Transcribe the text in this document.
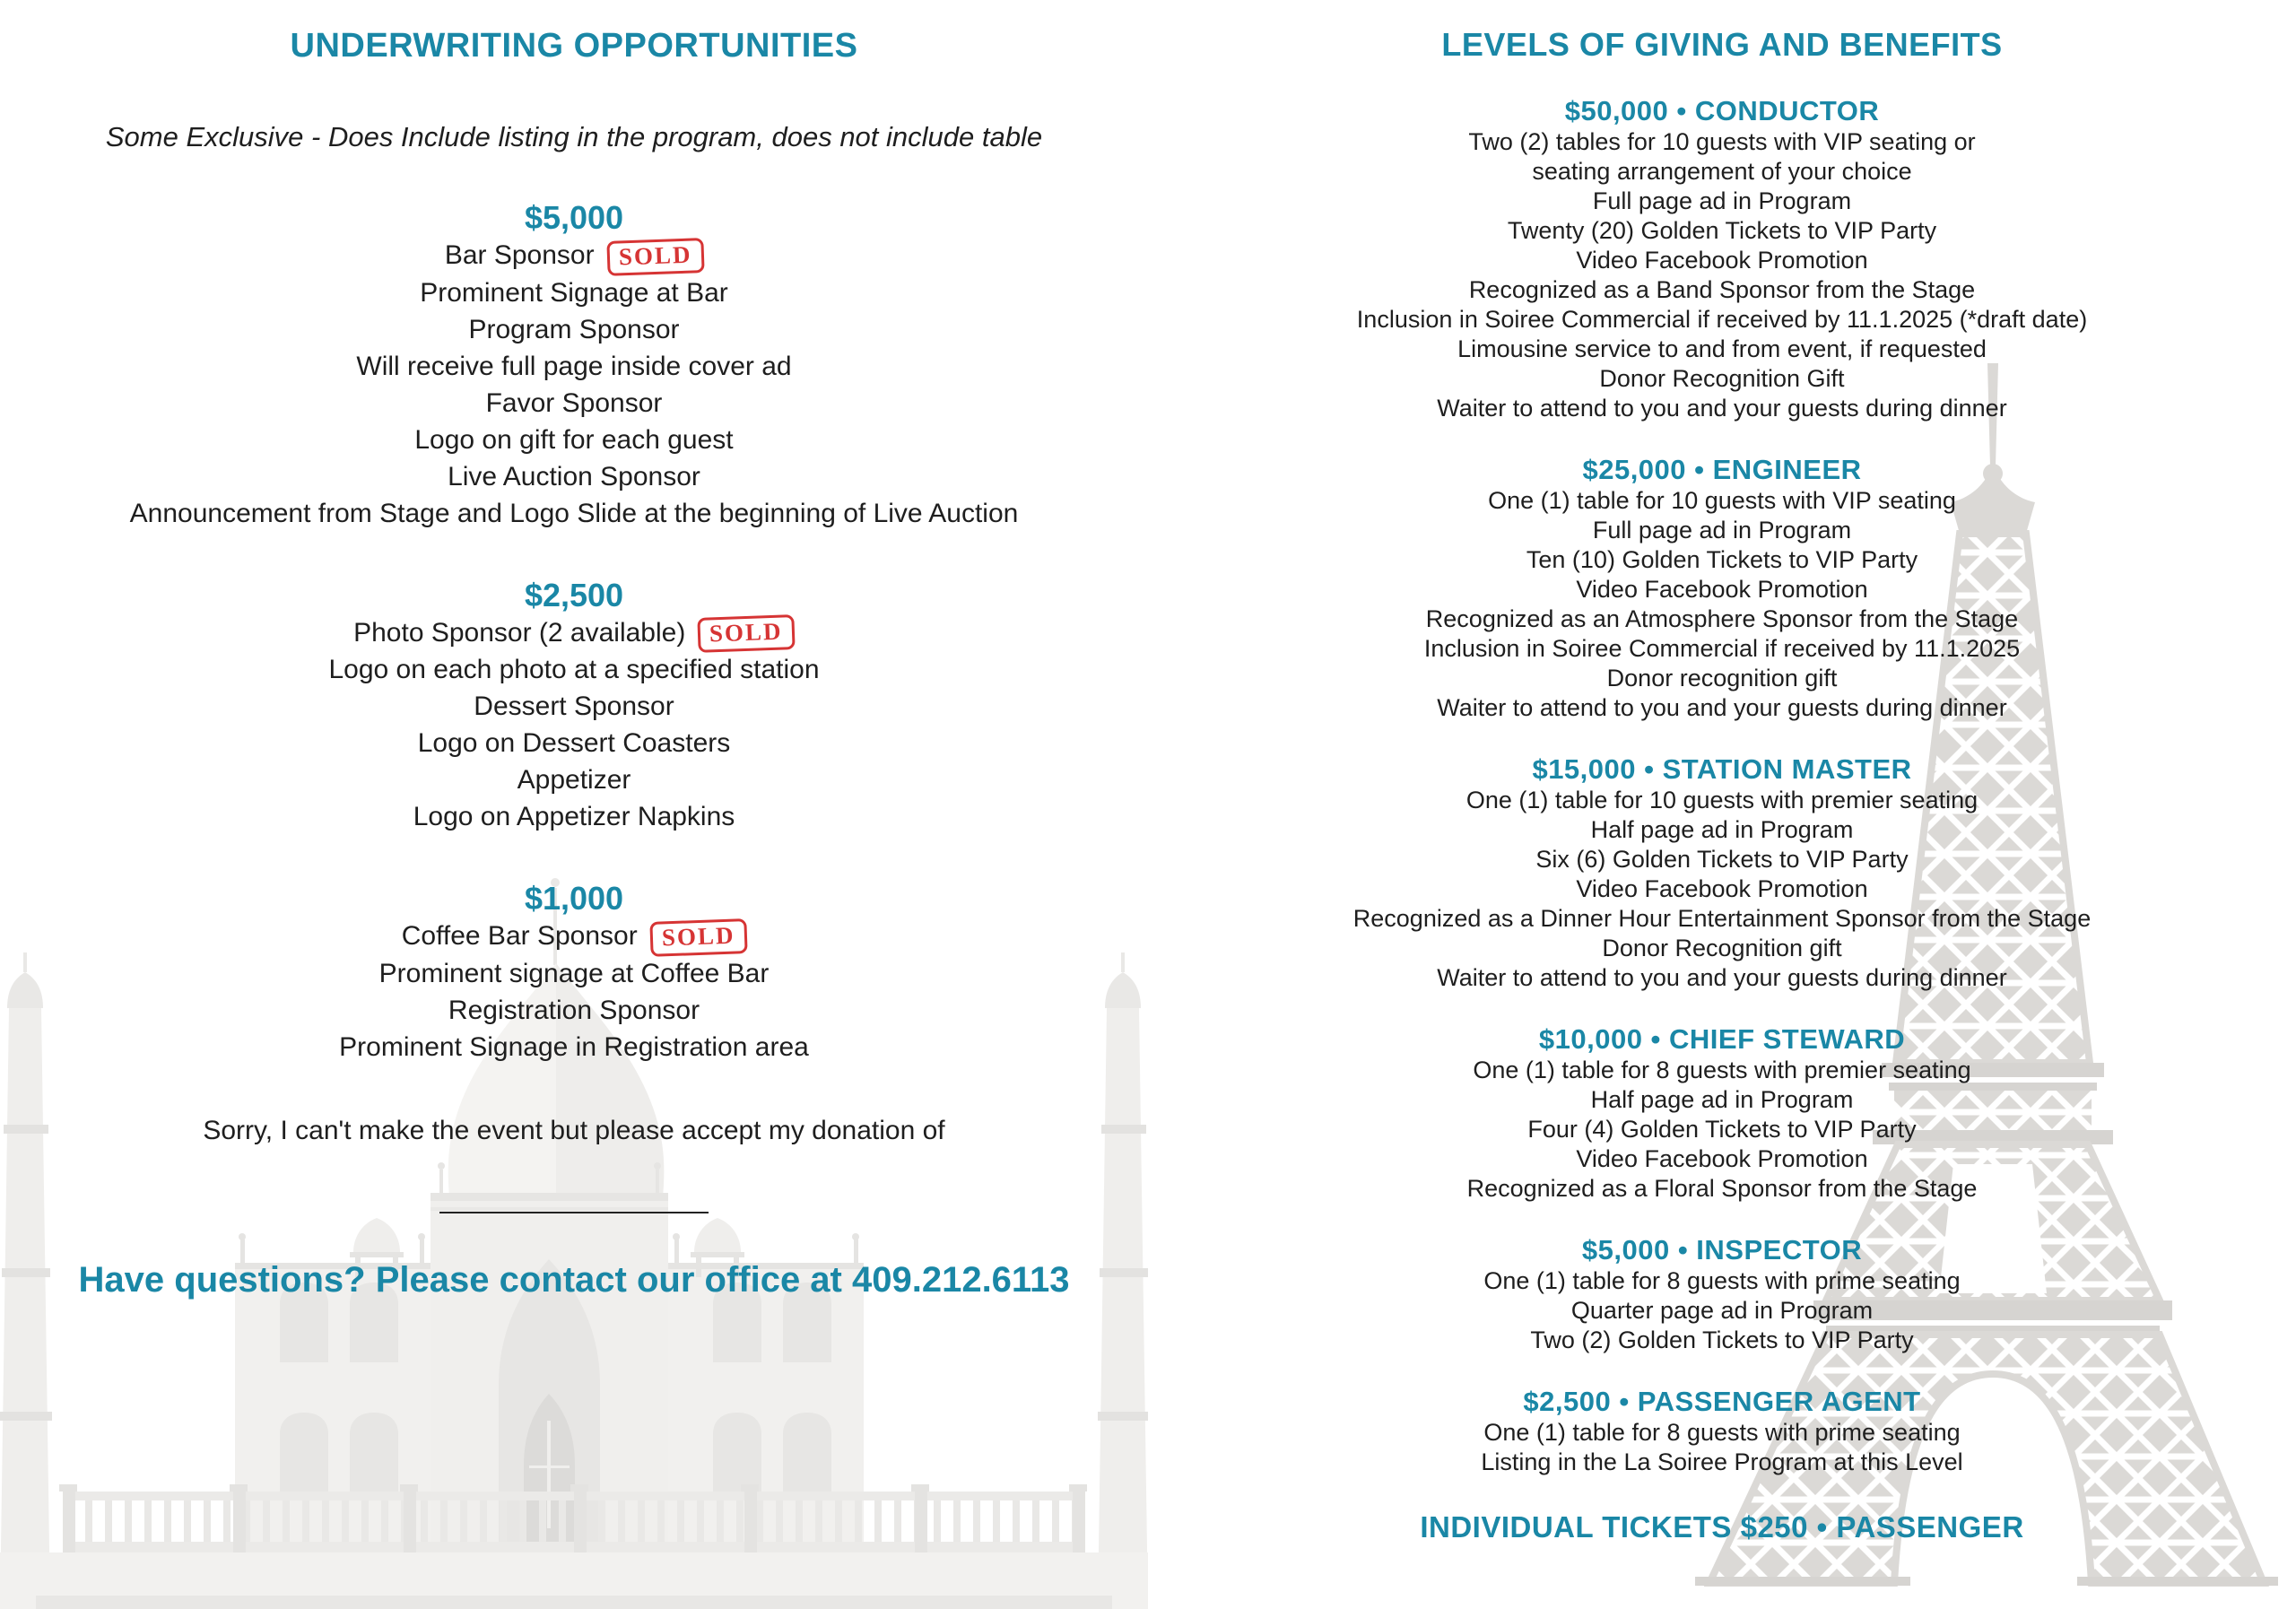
UNDERWRITING OPPORTUNITIES

Some Exclusive - Does Include listing in the program, does not include table

$5,000
Bar Sponsor SOLD
Prominent Signage at Bar
Program Sponsor
Will receive full page inside cover ad
Favor Sponsor
Logo on gift for each guest
Live Auction Sponsor
Announcement from Stage and Logo Slide at the beginning of Live Auction
$2,500
Photo Sponsor (2 available) SOLD
Logo on each photo at a specified station
Dessert Sponsor
Logo on Dessert Coasters
Appetizer
Logo on Appetizer Napkins
$1,000
Coffee Bar Sponsor SOLD
Prominent signage at Coffee Bar
Registration Sponsor
Prominent Signage in Registration area

Sorry, I can't make the event but please accept my donation of

Have questions? Please contact our office at 409.212.6113

LEVELS OF GIVING AND BENEFITS
$50,000 • CONDUCTOR
Two (2) tables for 10 guests with VIP seating or
seating arrangement of your choice
Full page ad in Program
Twenty (20) Golden Tickets to VIP Party
Video Facebook Promotion
Recognized as a Band Sponsor from the Stage
Inclusion in Soiree Commercial if received by 11.1.2025 (*draft date)
Limousine service to and from event, if requested
Donor Recognition Gift
Waiter to attend to you and your guests during dinner
$25,000 • ENGINEER
One (1) table for 10 guests with VIP seating
Full page ad in Program
Ten (10) Golden Tickets to VIP Party
Video Facebook Promotion
Recognized as an Atmosphere Sponsor from the Stage
Inclusion in Soiree Commercial if received by 11.1.2025
Donor recognition gift
Waiter to attend to you and your guests during dinner
$15,000 • STATION MASTER
One (1) table for 10 guests with premier seating
Half page ad in Program
Six (6) Golden Tickets to VIP Party
Video Facebook Promotion
Recognized as a Dinner Hour Entertainment Sponsor from the Stage
Donor Recognition gift
Waiter to attend to you and your guests during dinner
$10,000 • CHIEF STEWARD
One (1) table for 8 guests with premier seating
Half page ad in Program
Four (4) Golden Tickets to VIP Party
Video Facebook Promotion
Recognized as a Floral Sponsor from the Stage
$5,000 • INSPECTOR
One (1) table for 8 guests with prime seating
Quarter page ad in Program
Two (2) Golden Tickets to VIP Party
$2,500 • PASSENGER AGENT
One (1) table for 8 guests with prime seating
Listing in the La Soiree Program at this Level

INDIVIDUAL TICKETS $250 • PASSENGER
